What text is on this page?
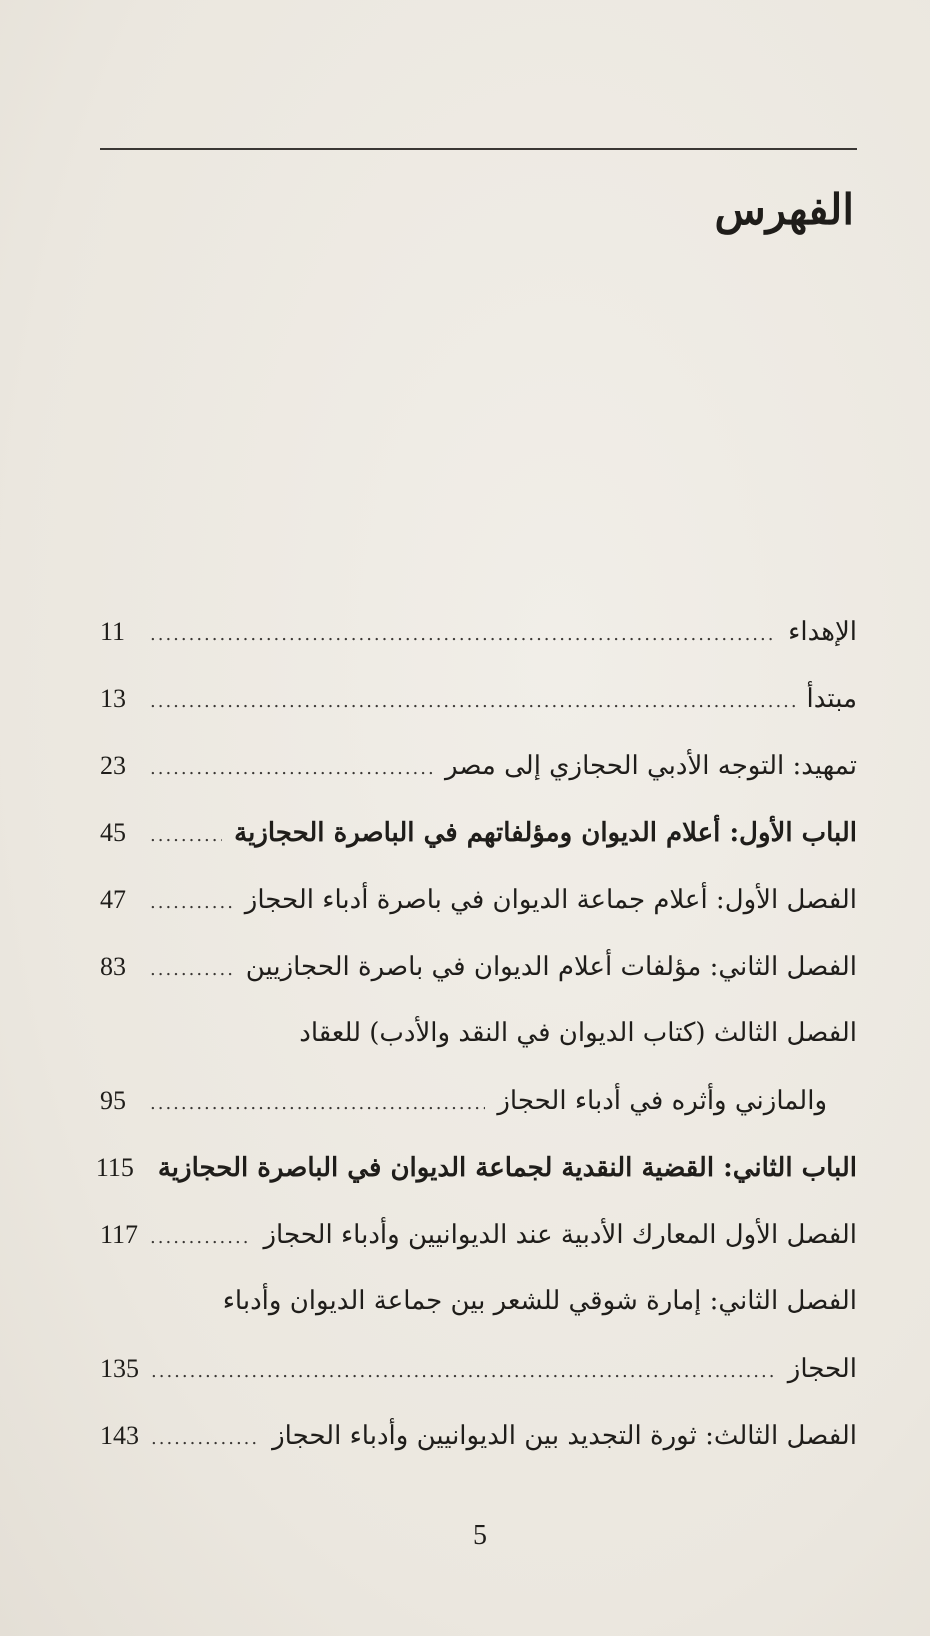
الفهرس
الإهداء
.....
11
مبتدأ
.....
13
تمهيد: التوجه الأدبي الحجازي إلى مصر
.....
23
الباب الأول: أعلام الديوان ومؤلفاتهم في الباصرة الحجازية
.....
45
الفصل الأول: أعلام جماعة الديوان في باصرة أدباء الحجاز
.....
47
الفصل الثاني: مؤلفات أعلام الديوان في باصرة الحجازيين
.....
83
الفصل الثالث (كتاب الديوان في النقد والأدب) للعقاد
والمازني وأثره في أدباء الحجاز
.....
95
الباب الثاني: القضية النقدية لجماعة الديوان في الباصرة الحجازية
115
الفصل الأول المعارك الأدبية عند الديوانيين وأدباء الحجاز
.....
117
الفصل الثاني: إمارة شوقي للشعر بين جماعة الديوان وأدباء
الحجاز
.....
135
الفصل الثالث: ثورة التجديد بين الديوانيين وأدباء الحجاز
.....
143
5
